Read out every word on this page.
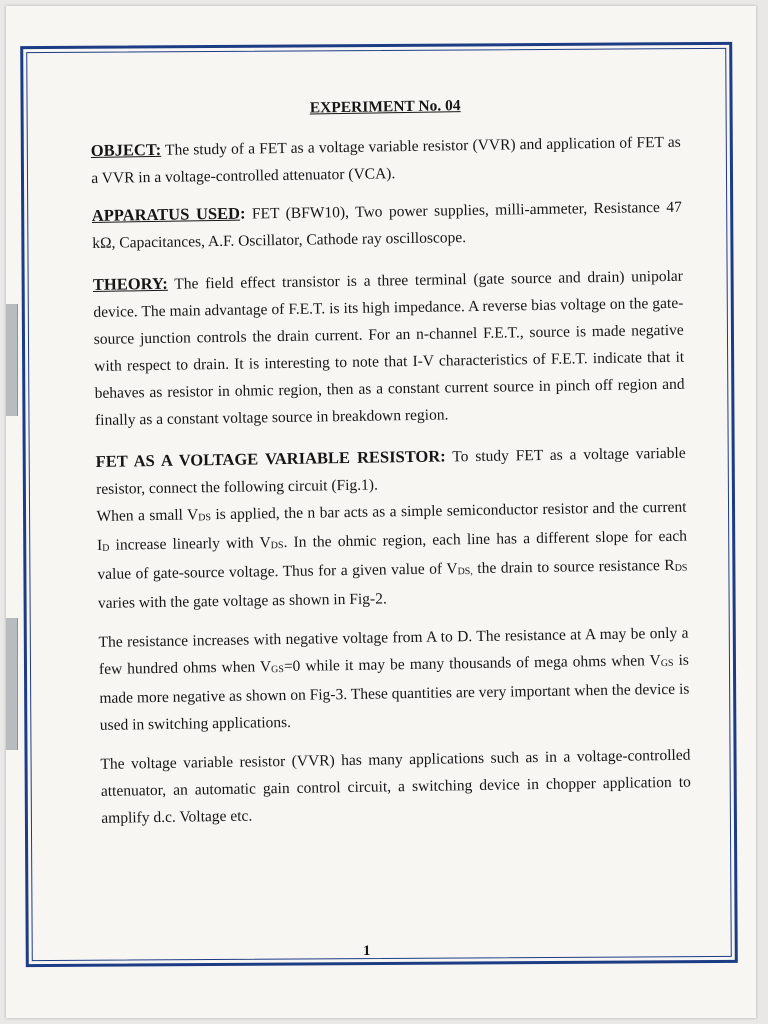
EXPERIMENT No. 04

OBJECT: The study of a FET as a voltage variable resistor (VVR) and application of FET as a VVR in a voltage-controlled attenuator (VCA).

APPARATUS USED: FET (BFW10), Two power supplies, milli-ammeter, Resistance 47 kΩ, Capacitances, A.F. Oscillator, Cathode ray oscilloscope.

THEORY: The field effect transistor is a three terminal (gate source and drain) unipolar device. The main advantage of F.E.T. is its high impedance. A reverse bias voltage on the gate-source junction controls the drain current. For an n-channel F.E.T., source is made negative with respect to drain. It is interesting to note that I-V characteristics of F.E.T. indicate that it behaves as resistor in ohmic region, then as a constant current source in pinch off region and finally as a constant voltage source in breakdown region.

FET AS A VOLTAGE VARIABLE RESISTOR: To study FET as a voltage variable resistor, connect the following circuit (Fig.1).

When a small $V_{DS}$ is applied, the n bar acts as a simple semiconductor resistor and the current $I_D$ increase linearly with $V_{DS}$. In the ohmic region, each line has a different slope for each value of gate-source voltage. Thus for a given value of $V_{DS,}$ the drain to source resistance $R_{DS}$ varies with the gate voltage as shown in Fig-2.

The resistance increases with negative voltage from A to D. The resistance at A may be only a few hundred ohms when $V_{GS}=0$ while it may be many thousands of mega ohms when $V_{GS}$ is made more negative as shown on Fig-3. These quantities are very important when the device is used in switching applications.

The voltage variable resistor (VVR) has many applications such as in a voltage-controlled attenuator, an automatic gain control circuit, a switching device in chopper application to amplify d.c. Voltage etc.

1
